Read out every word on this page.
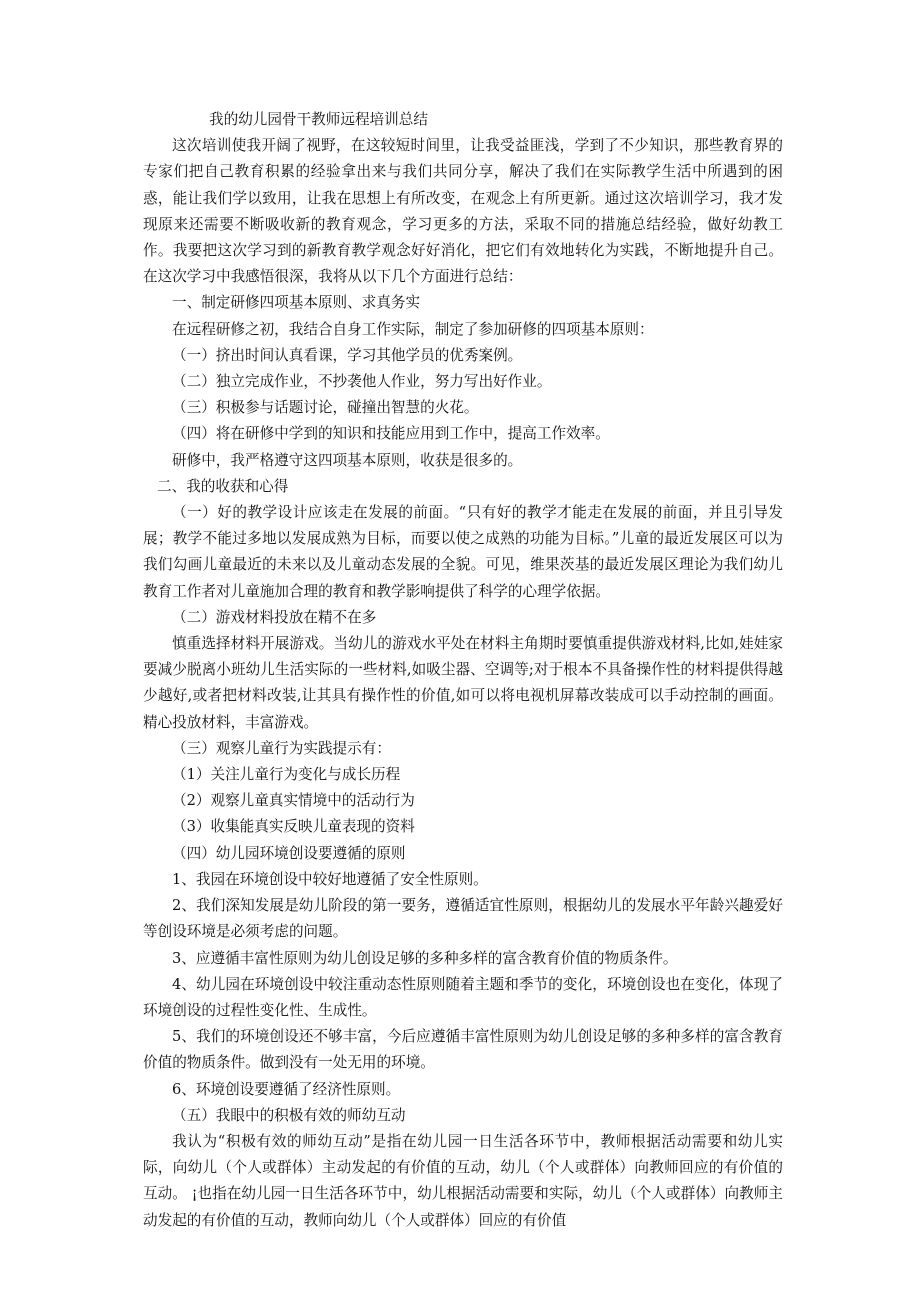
我的幼儿园骨干教师远程培训总结

这次培训使我开阔了视野，在这较短时间里，让我受益匪浅，学到了不少知识，那些教育界的专家们把自己教育积累的经验拿出来与我们共同分享，解决了我们在实际教学生活中所遇到的困惑，能让我们学以致用，让我在思想上有所改变，在观念上有所更新。通过这次培训学习，我才发现原来还需要不断吸收新的教育观念，学习更多的方法，采取不同的措施总结经验，做好幼教工作。我要把这次学习到的新教育教学观念好好消化，把它们有效地转化为实践，不断地提升自己。在这次学习中我感悟很深，我将从以下几个方面进行总结：

一、制定研修四项基本原则、求真务实

在远程研修之初，我结合自身工作实际，制定了参加研修的四项基本原则：

（一）挤出时间认真看课，学习其他学员的优秀案例。

（二）独立完成作业，不抄袭他人作业，努力写出好作业。

（三）积极参与话题讨论，碰撞出智慧的火花。

（四）将在研修中学到的知识和技能应用到工作中，提高工作效率。

研修中，我严格遵守这四项基本原则，收获是很多的。

二、我的收获和心得

（一）好的教学设计应该走在发展的前面。“只有好的教学才能走在发展的前面，并且引导发展；教学不能过多地以发展成熟为目标，而要以使之成熟的功能为目标。”儿童的最近发展区可以为我们勾画儿童最近的未来以及儿童动态发展的全貌。可见，维果茨基的最近发展区理论为我们幼儿教育工作者对儿童施加合理的教育和教学影响提供了科学的心理学依据。

（二）游戏材料投放在精不在多

慎重选择材料开展游戏。当幼儿的游戏水平处在材料主角期时要慎重提供游戏材料,比如,娃娃家要减少脱离小班幼儿生活实际的一些材料,如吸尘器、空调等;对于根本不具备操作性的材料提供得越少越好,或者把材料改装,让其具有操作性的价值,如可以将电视机屏幕改装成可以手动控制的画面。精心投放材料，丰富游戏。

（三）观察儿童行为实践提示有：

（1）关注儿童行为变化与成长历程

（2）观察儿童真实情境中的活动行为

（3）收集能真实反映儿童表现的资料

（四）幼儿园环境创设要遵循的原则

1、我园在环境创设中较好地遵循了安全性原则。

2、我们深知发展是幼儿阶段的第一要务，遵循适宜性原则，根据幼儿的发展水平年龄兴趣爱好等创设环境是必须考虑的问题。

3、应遵循丰富性原则为幼儿创设足够的多种多样的富含教育价值的物质条件。

4、幼儿园在环境创设中较注重动态性原则随着主题和季节的变化，环境创设也在变化，体现了环境创设的过程性变化性、生成性。

5、我们的环境创设还不够丰富，今后应遵循丰富性原则为幼儿创设足够的多种多样的富含教育价值的物质条件。做到没有一处无用的环境。

6、环境创设要遵循了经济性原则。

（五）我眼中的积极有效的师幼互动

我认为“积极有效的师幼互动”是指在幼儿园一日生活各环节中，教师根据活动需要和幼儿实际，向幼儿（个人或群体）主动发起的有价值的互动，幼儿（个人或群体）向教师回应的有价值的互动。 ¡也指在幼儿园一日生活各环节中，幼儿根据活动需要和实际，幼儿（个人或群体）向教师主动发起的有价值的互动，教师向幼儿（个人或群体）回应的有价值
